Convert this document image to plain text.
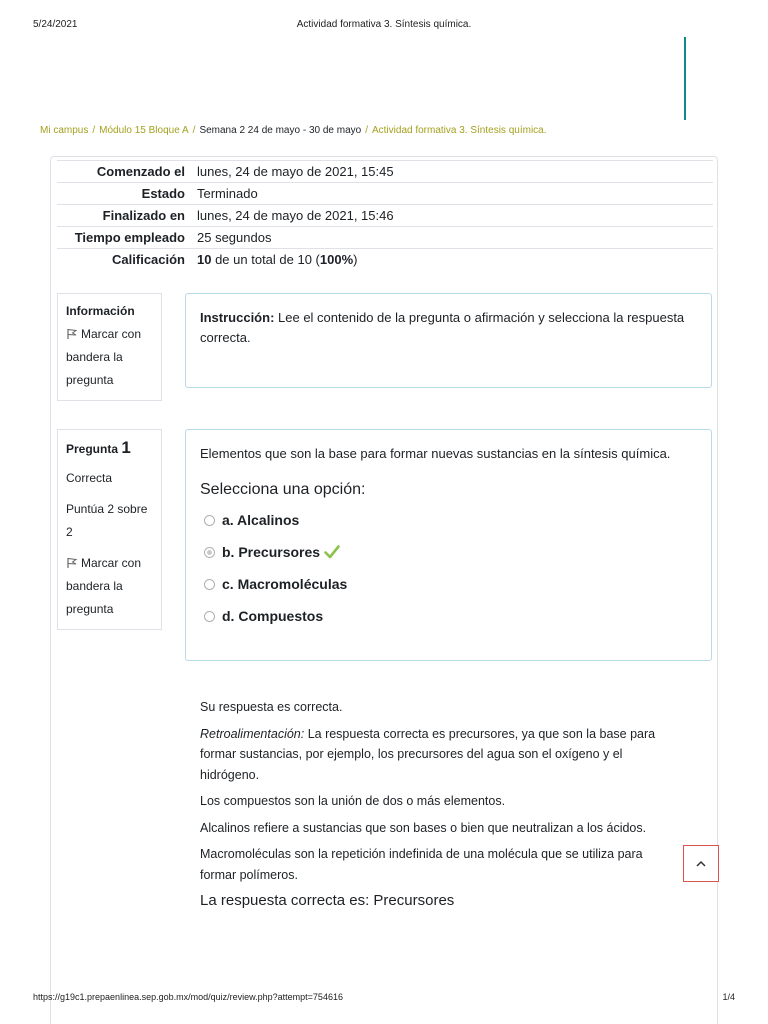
5/24/2021	Actividad formativa 3. Síntesis química.
Mi campus / Módulo 15 Bloque A / Semana 2 24 de mayo - 30 de mayo / Actividad formativa 3. Síntesis química.
Comenzado el	lunes, 24 de mayo de 2021, 15:45
Estado	Terminado
Finalizado en	lunes, 24 de mayo de 2021, 15:46
Tiempo empleado	25 segundos
Calificación	10 de un total de 10 (100%)
Información
Marcar con bandera la pregunta
Instrucción: Lee el contenido de la pregunta o afirmación y selecciona la respuesta correcta.
Pregunta 1
Correcta
Puntúa 2 sobre 2
Marcar con bandera la pregunta
Elementos que son la base para formar nuevas sustancias en la síntesis química.
Selecciona una opción:
a. Alcalinos
b. Precursores
c. Macromoléculas
d. Compuestos

Su respuesta es correcta.

Retroalimentación: La respuesta correcta es precursores, ya que son la base para formar sustancias, por ejemplo, los precursores del agua son el oxígeno y el hidrógeno.

Los compuestos son la unión de dos o más elementos.

Alcalinos refiere a sustancias que son bases o bien que neutralizan a los ácidos.

Macromoléculas son la repetición indefinida de una molécula que se utiliza para formar polímeros.

La respuesta correcta es: Precursores
https://g19c1.prepaenlinea.sep.gob.mx/mod/quiz/review.php?attempt=754616	1/4
